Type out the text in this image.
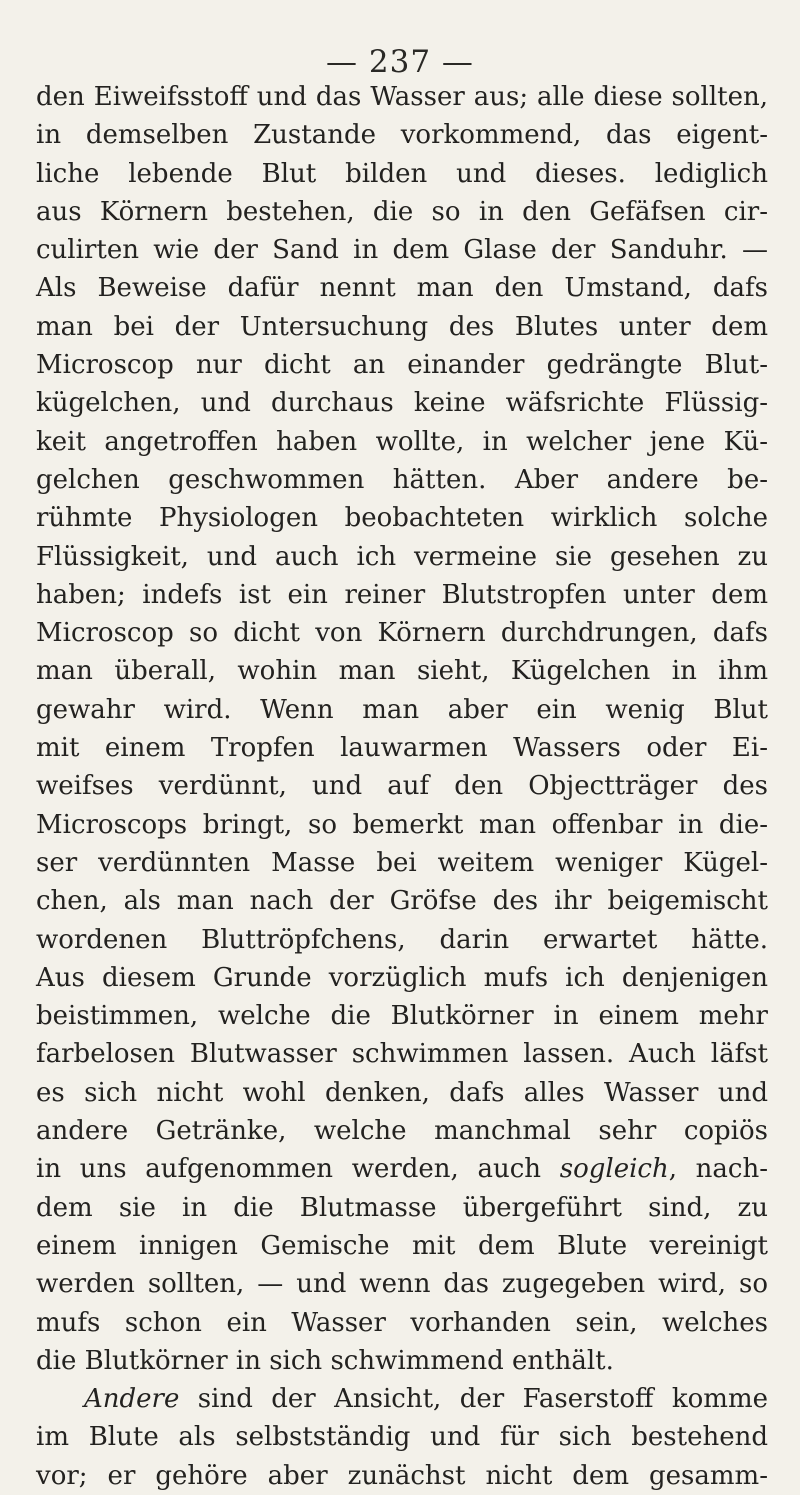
— 237 —
den Eiweifsstoff und das Wasser aus; alle diese sollten,
in demselben Zustande vorkommend, das eigent-
liche lebende Blut bilden und dieses. lediglich
aus Körnern bestehen, die so in den Gefäfsen cir-
culirten wie der Sand in dem Glase der Sanduhr. —
Als Beweise dafür nennt man den Umstand, dafs
man bei der Untersuchung des Blutes unter dem
Microscop nur dicht an einander gedrängte Blut-
kügelchen, und durchaus keine wäfsrichte Flüssig-
keit angetroffen haben wollte, in welcher jene Kü-
gelchen geschwommen hätten. Aber andere be-
rühmte Physiologen beobachteten wirklich solche
Flüssigkeit, und auch ich vermeine sie gesehen zu
haben; indefs ist ein reiner Blutstropfen unter dem
Microscop so dicht von Körnern durchdrungen, dafs
man überall, wohin man sieht, Kügelchen in ihm
gewahr wird. Wenn man aber ein wenig Blut
mit einem Tropfen lauwarmen Wassers oder Ei-
weifses verdünnt, und auf den Objectträger des
Microscops bringt, so bemerkt man offenbar in die-
ser verdünnten Masse bei weitem weniger Kügel-
chen, als man nach der Gröfse des ihr beigemischt
wordenen Bluttröpfchens, darin erwartet hätte.
Aus diesem Grunde vorzüglich mufs ich denjenigen
beistimmen, welche die Blutkörner in einem mehr
farbelosen Blutwasser schwimmen lassen. Auch läfst
es sich nicht wohl denken, dafs alles Wasser und
andere Getränke, welche manchmal sehr copiös
in uns aufgenommen werden, auch sogleich, nach-
dem sie in die Blutmasse übergeführt sind, zu
einem innigen Gemische mit dem Blute vereinigt
werden sollten, — und wenn das zugegeben wird, so
mufs schon ein Wasser vorhanden sein, welches
die Blutkörner in sich schwimmend enthält.
Andere sind der Ansicht, der Faserstoff komme
im Blute als selbstständig und für sich bestehend
vor; er gehöre aber zunächst nicht dem gesamm-
